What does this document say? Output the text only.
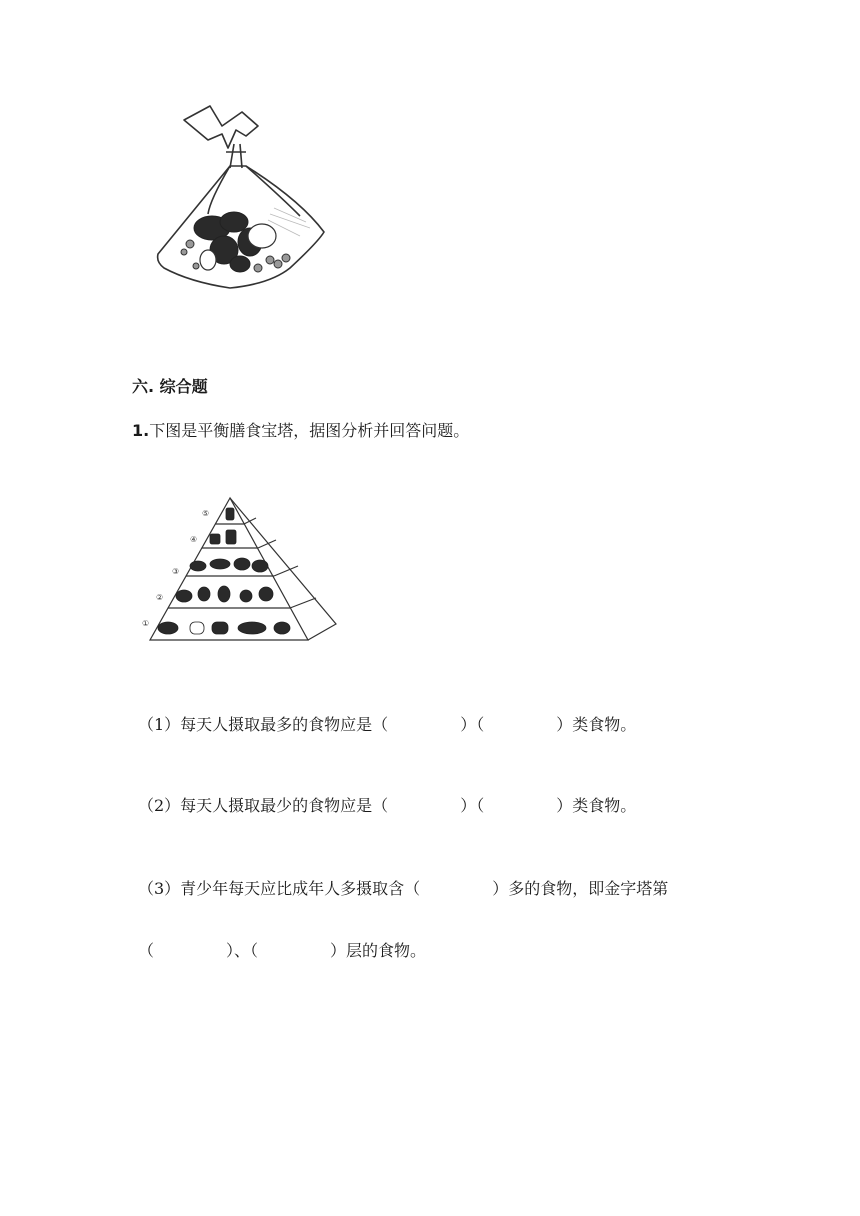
六. 综合题
1.下图是平衡膳食宝塔，据图分析并回答问题。
①
②
③
④
⑤
（1）每天人摄取最多的食物应是（	）（	）类食物。
（2）每天人摄取最少的食物应是（	）（	）类食物。
（3）青少年每天应比成年人多摄取含（	）多的食物，即金字塔第
（	）、（	）层的食物。
